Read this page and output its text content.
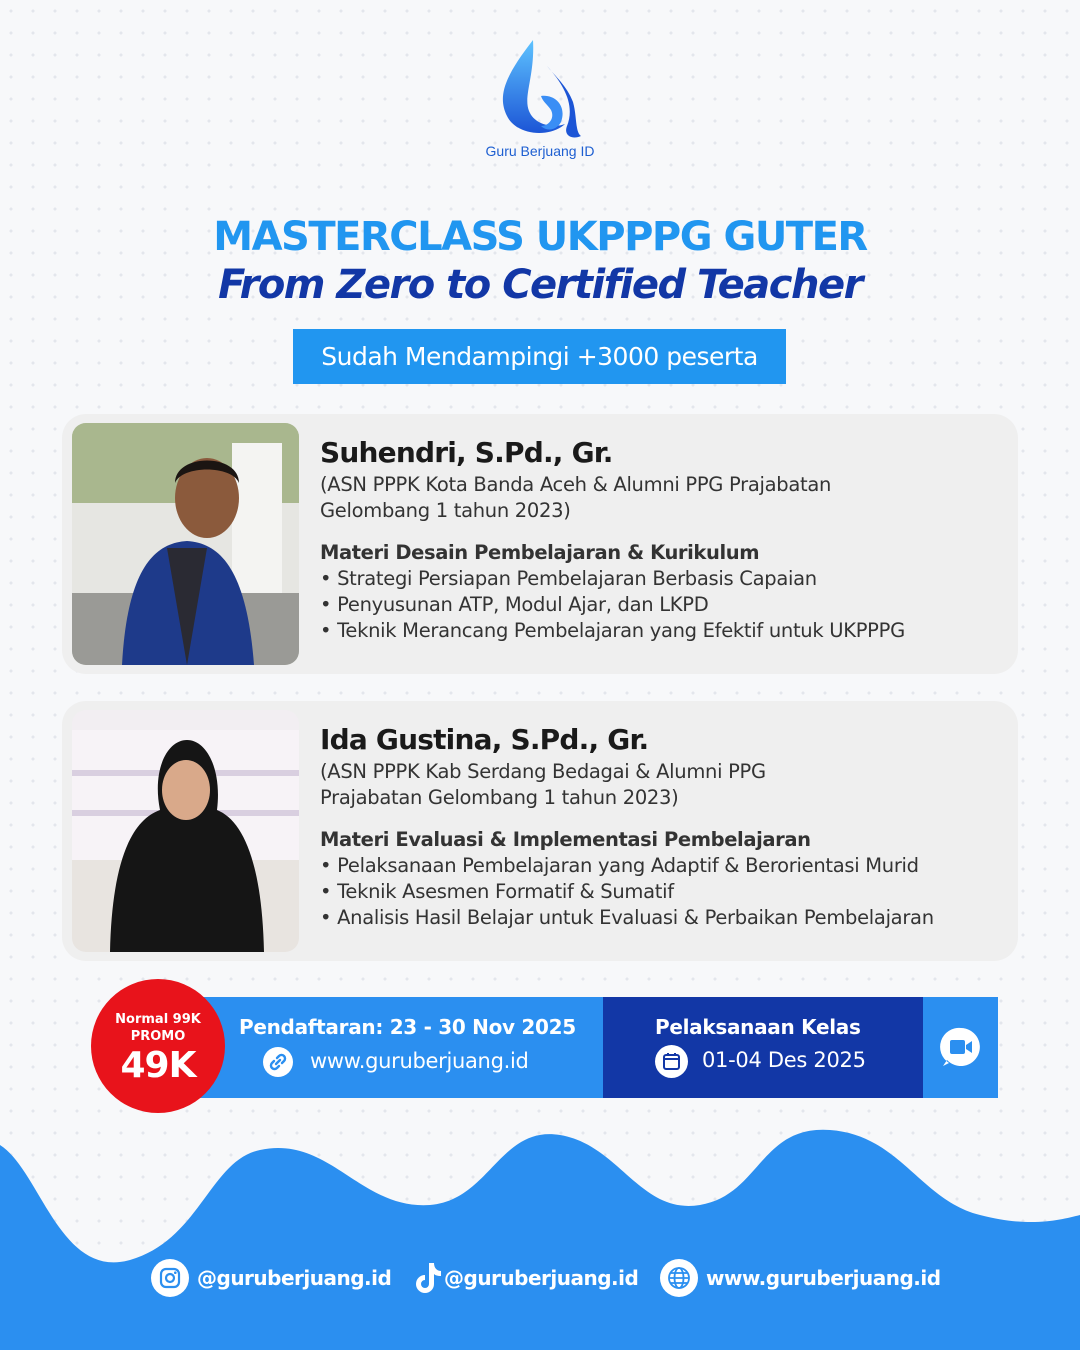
Guru Berjuang ID
MASTERCLASS UKPPPG GUTER
From Zero to Certified Teacher
Sudah Mendampingi +3000 peserta
Suhendri, S.Pd., Gr.
(ASN PPPK Kota Banda Aceh & Alumni PPG Prajabatan
Gelombang 1 tahun 2023)
Materi Desain Pembelajaran & Kurikulum
• Strategi Persiapan Pembelajaran Berbasis Capaian
• Penyusunan ATP, Modul Ajar, dan LKPD
• Teknik Merancang Pembelajaran yang Efektif untuk UKPPPG
Ida Gustina, S.Pd., Gr.
(ASN PPPK Kab Serdang Bedagai & Alumni PPG
Prajabatan Gelombang 1 tahun 2023)
Materi Evaluasi & Implementasi Pembelajaran
• Pelaksanaan Pembelajaran yang Adaptif & Berorientasi Murid
• Teknik Asesmen Formatif & Sumatif
• Analisis Hasil Belajar untuk Evaluasi & Perbaikan Pembelajaran
Pendaftaran: 23 - 30 Nov 2025
www.guruberjuang.id
Pelaksanaan Kelas
01-04 Des 2025
Normal 99K
PROMO
49K
@guruberjuang.id	@guruberjuang.id	www.guruberjuang.id
